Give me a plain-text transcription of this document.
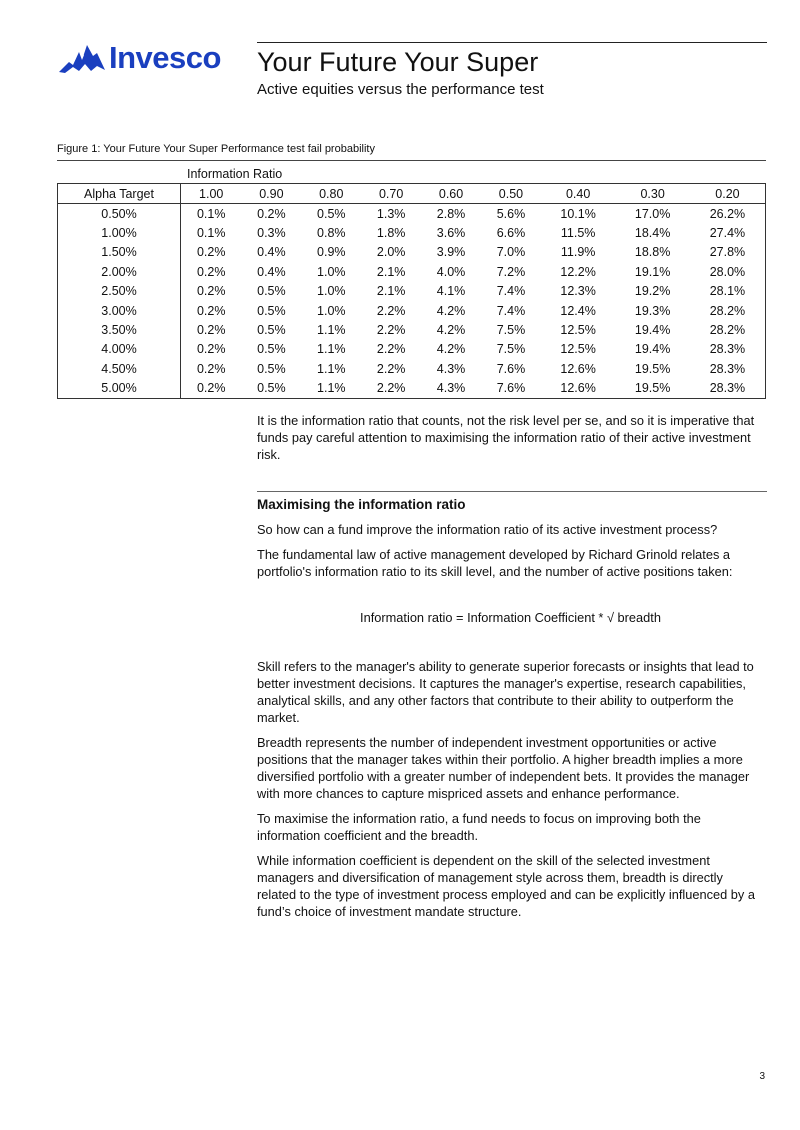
Invesco Your Future Your Super
Active equities versus the performance test
Figure 1: Your Future Your Super Performance test fail probability
Information Ratio
Alpha Target	1.00	0.90	0.80	0.70	0.60	0.50	0.40	0.30	0.20
0.50%	0.1%	0.2%	0.5%	1.3%	2.8%	5.6%	10.1%	17.0%	26.2%
1.00%	0.1%	0.3%	0.8%	1.8%	3.6%	6.6%	11.5%	18.4%	27.4%
1.50%	0.2%	0.4%	0.9%	2.0%	3.9%	7.0%	11.9%	18.8%	27.8%
2.00%	0.2%	0.4%	1.0%	2.1%	4.0%	7.2%	12.2%	19.1%	28.0%
2.50%	0.2%	0.5%	1.0%	2.1%	4.1%	7.4%	12.3%	19.2%	28.1%
3.00%	0.2%	0.5%	1.0%	2.2%	4.2%	7.4%	12.4%	19.3%	28.2%
3.50%	0.2%	0.5%	1.1%	2.2%	4.2%	7.5%	12.5%	19.4%	28.2%
4.00%	0.2%	0.5%	1.1%	2.2%	4.2%	7.5%	12.5%	19.4%	28.3%
4.50%	0.2%	0.5%	1.1%	2.2%	4.3%	7.6%	12.6%	19.5%	28.3%
5.00%	0.2%	0.5%	1.1%	2.2%	4.3%	7.6%	12.6%	19.5%	28.3%

It is the information ratio that counts, not the risk level per se, and so it is imperative that funds pay careful attention to maximising the information ratio of their active investment risk.

Maximising the information ratio

So how can a fund improve the information ratio of its active investment process?

The fundamental law of active management developed by Richard Grinold relates a portfolio's information ratio to its skill level, and the number of active positions taken:

Information ratio = Information Coefficient * √ breadth

Skill refers to the manager's ability to generate superior forecasts or insights that lead to better investment decisions. It captures the manager's expertise, research capabilities, analytical skills, and any other factors that contribute to their ability to outperform the market.

Breadth represents the number of independent investment opportunities or active positions that the manager takes within their portfolio. A higher breadth implies a more diversified portfolio with a greater number of independent bets. It provides the manager with more chances to capture mispriced assets and enhance performance.

To maximise the information ratio, a fund needs to focus on improving both the information coefficient and the breadth.

While information coefficient is dependent on the skill of the selected investment managers and diversification of management style across them, breadth is directly related to the type of investment process employed and can be explicitly influenced by a fund’s choice of investment mandate structure.

3
